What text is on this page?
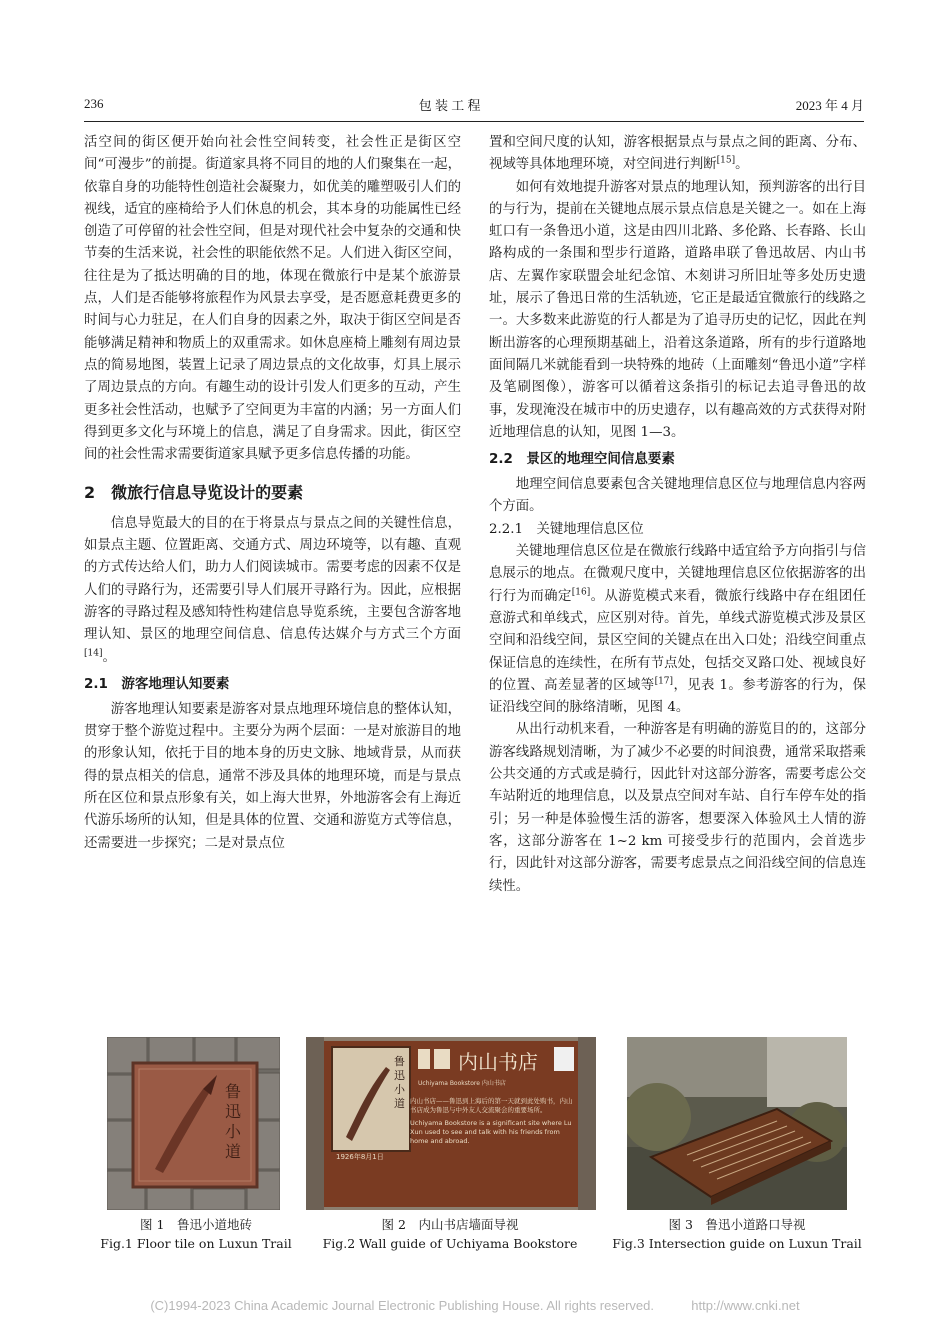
236	包 装 工 程	2023 年 4 月

活空间的街区便开始向社会性空间转变，社会性正是街区空间“可漫步”的前提。街道家具将不同目的地的人们聚集在一起，依靠自身的功能特性创造社会凝聚力，如优美的雕塑吸引人们的视线，适宜的座椅给予人们休息的机会，其本身的功能属性已经创造了可停留的社会性空间，但是对现代社会中复杂的交通和快节奏的生活来说，社会性的职能依然不足。人们进入街区空间，往往是为了抵达明确的目的地，体现在微旅行中是某个旅游景点，人们是否能够将旅程作为风景去享受，是否愿意耗费更多的时间与心力驻足，在人们自身的因素之外，取决于街区空间是否能够满足精神和物质上的双重需求。如休息座椅上雕刻有周边景点的简易地图，装置上记录了周边景点的文化故事，灯具上展示了周边景点的方向。有趣生动的设计引发人们更多的互动，产生更多社会性活动，也赋予了空间更为丰富的内涵；另一方面人们得到更多文化与环境上的信息，满足了自身需求。因此，街区空间的社会性需求需要街道家具赋予更多信息传播的功能。

2　微旅行信息导览设计的要素

信息导览最大的目的在于将景点与景点之间的关键性信息，如景点主题、位置距离、交通方式、周边环境等，以有趣、直观的方式传达给人们，助力人们阅读城市。需要考虑的因素不仅是人们的寻路行为，还需要引导人们展开寻路行为。因此，应根据游客的寻路过程及感知特性构建信息导览系统，主要包含游客地理认知、景区的地理空间信息、信息传达媒介与方式三个方面[14]。

2.1　游客地理认知要素

游客地理认知要素是游客对景点地理环境信息的整体认知，贯穿于整个游览过程中。主要分为两个层面：一是对旅游目的地的形象认知，依托于目的地本身的历史文脉、地域背景，从而获得的景点相关的信息，通常不涉及具体的地理环境，而是与景点所在区位和景点形象有关，如上海大世界，外地游客会有上海近代游乐场所的认知，但是具体的位置、交通和游览方式等信息，还需要进一步探究；二是对景点位

置和空间尺度的认知，游客根据景点与景点之间的距离、分布、视域等具体地理环境，对空间进行判断[15]。

如何有效地提升游客对景点的地理认知，预判游客的出行目的与行为，提前在关键地点展示景点信息是关键之一。如在上海虹口有一条鲁迅小道，这是由四川北路、多伦路、长春路、长山路构成的一条围和型步行道路，道路串联了鲁迅故居、内山书店、左翼作家联盟会址纪念馆、木刻讲习所旧址等多处历史遗址，展示了鲁迅日常的生活轨迹，它正是最适宜微旅行的线路之一。大多数来此游览的行人都是为了追寻历史的记忆，因此在判断出游客的心理预期基础上，沿着这条道路，所有的步行道路地面间隔几米就能看到一块特殊的地砖（上面雕刻“鲁迅小道”字样及笔刷图像），游客可以循着这条指引的标记去追寻鲁迅的故事，发现淹没在城市中的历史遗存，以有趣高效的方式获得对附近地理信息的认知，见图 1—3。

2.2　景区的地理空间信息要素

地理空间信息要素包含关键地理信息区位与地理信息内容两个方面。

2.2.1　关键地理信息区位

关键地理信息区位是在微旅行线路中适宜给予方向指引与信息展示的地点。在微观尺度中，关键地理信息区位依据游客的出行行为而确定[16]。从游览模式来看，微旅行线路中存在组团任意游式和单线式，应区别对待。首先，单线式游览模式涉及景区空间和沿线空间，景区空间的关键点在出入口处；沿线空间重点保证信息的连续性，在所有节点处，包括交叉路口处、视域良好的位置、高差显著的区域等[17]，见表 1。参考游客的行为，保证沿线空间的脉络清晰，见图 4。

从出行动机来看，一种游客是有明确的游览目的的，这部分游客线路规划清晰，为了减少不必要的时间浪费，通常采取搭乘公共交通的方式或是骑行，因此针对这部分游客，需要考虑公交车站附近的地理信息，以及景点空间对车站、自行车停车处的指引；另一种是体验慢生活的游客，想要深入体验风土人情的游客，这部分游客在 1~2 km 可接受步行的范围内，会首选步行，因此针对这部分游客，需要考虑景点之间沿线空间的信息连续性。

鲁迅小道
鲁迅小道
1926年8月1日
内山书店
Uchiyama Bookstore 内山书店
内山书店——鲁迅到上海后的第一天就到此处购书，内山书店成为鲁迅与中外友人交流聚会的重要场所。
Uchiyama Bookstore is a significant site where Lu Xun used to see and talk with his friends from home and abroad.
图 1　鲁迅小道地砖
Fig.1 Floor tile on Luxun Trail
图 2　内山书店墙面导视
Fig.2 Wall guide of Uchiyama Bookstore
图 3　鲁迅小道路口导视
Fig.3 Intersection guide on Luxun Trail
(C)1994-2023 China Academic Journal Electronic Publishing House. All rights reserved.	http://www.cnki.net
